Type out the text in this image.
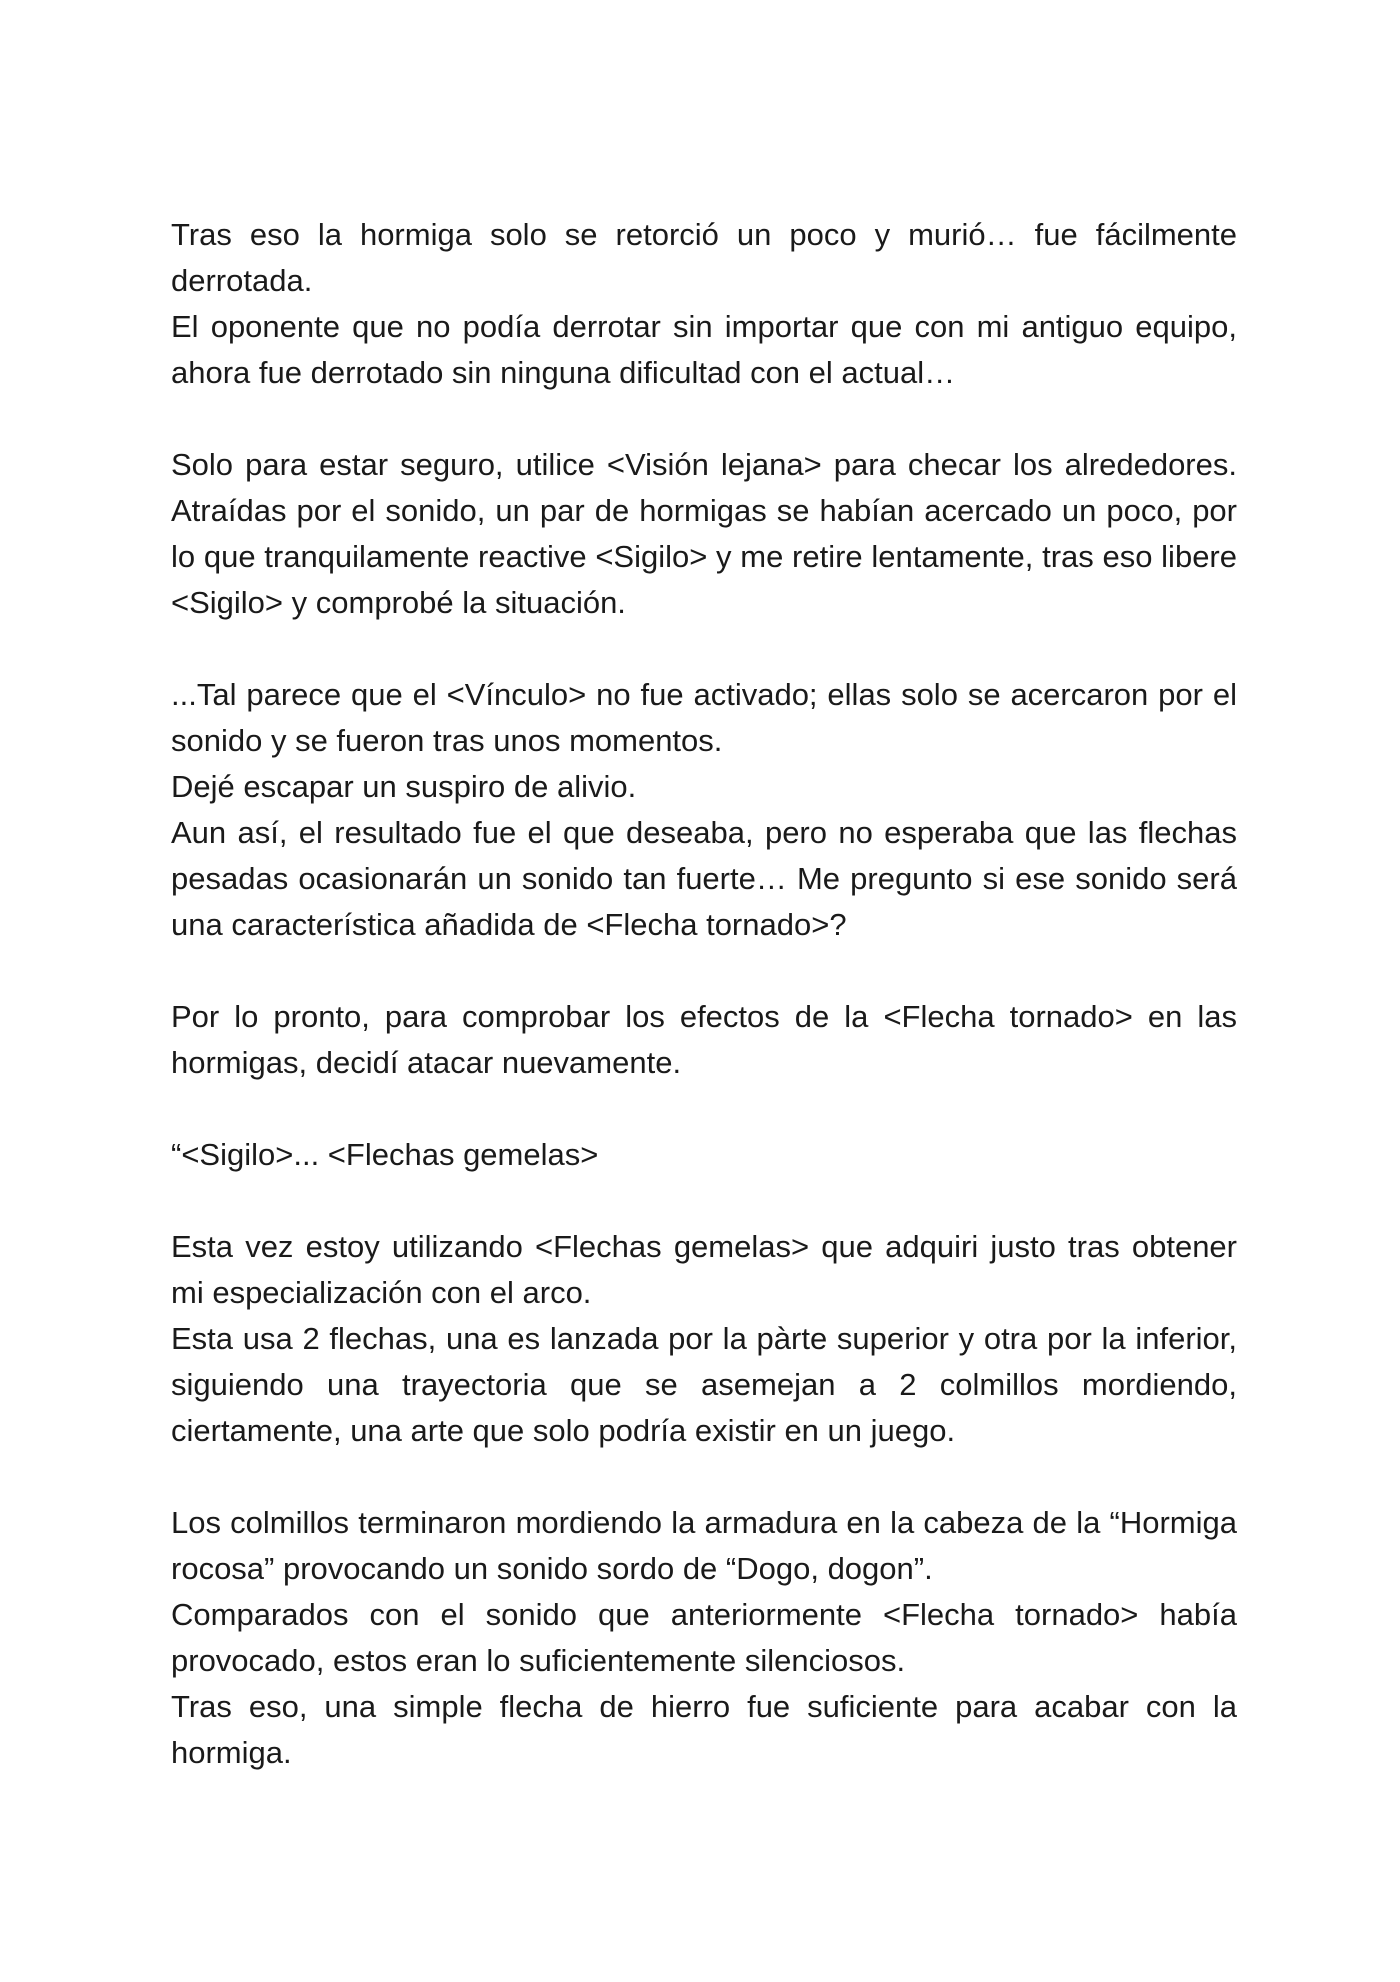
Tras eso la hormiga solo se retorció un poco y murió… fue fácilmente derrotada.

El oponente que no podía derrotar sin importar que con mi antiguo equipo, ahora fue derrotado sin ninguna dificultad con el actual…

Solo para estar seguro, utilice <Visión lejana> para checar los alrededores. Atraídas por el sonido, un par de hormigas se habían acercado un poco, por lo que tranquilamente reactive <Sigilo> y me retire lentamente, tras eso libere <Sigilo> y comprobé la situación.

...Tal parece que el <Vínculo> no fue activado; ellas solo se acercaron por el sonido y se fueron tras unos momentos.

Dejé escapar un suspiro de alivio.

Aun así, el resultado fue el que deseaba, pero no esperaba que las flechas pesadas ocasionarán un sonido tan fuerte… Me pregunto si ese sonido será una característica añadida de <Flecha tornado>?

Por lo pronto, para comprobar los efectos de la <Flecha tornado> en las hormigas, decidí atacar nuevamente.

“<Sigilo>... <Flechas gemelas>

Esta vez estoy utilizando <Flechas gemelas> que adquiri justo tras obtener mi especialización con el arco.

Esta usa 2 flechas, una es lanzada por la pàrte superior y otra por la inferior, siguiendo una trayectoria que se asemejan a 2 colmillos mordiendo, ciertamente, una arte que solo podría existir en un juego.

Los colmillos terminaron mordiendo la armadura en la cabeza de la “Hormiga rocosa” provocando un sonido sordo de “Dogo, dogon”.

Comparados con el sonido que anteriormente <Flecha tornado> había provocado, estos eran lo suficientemente silenciosos.

Tras eso, una simple flecha de hierro fue suficiente para acabar con la hormiga.
